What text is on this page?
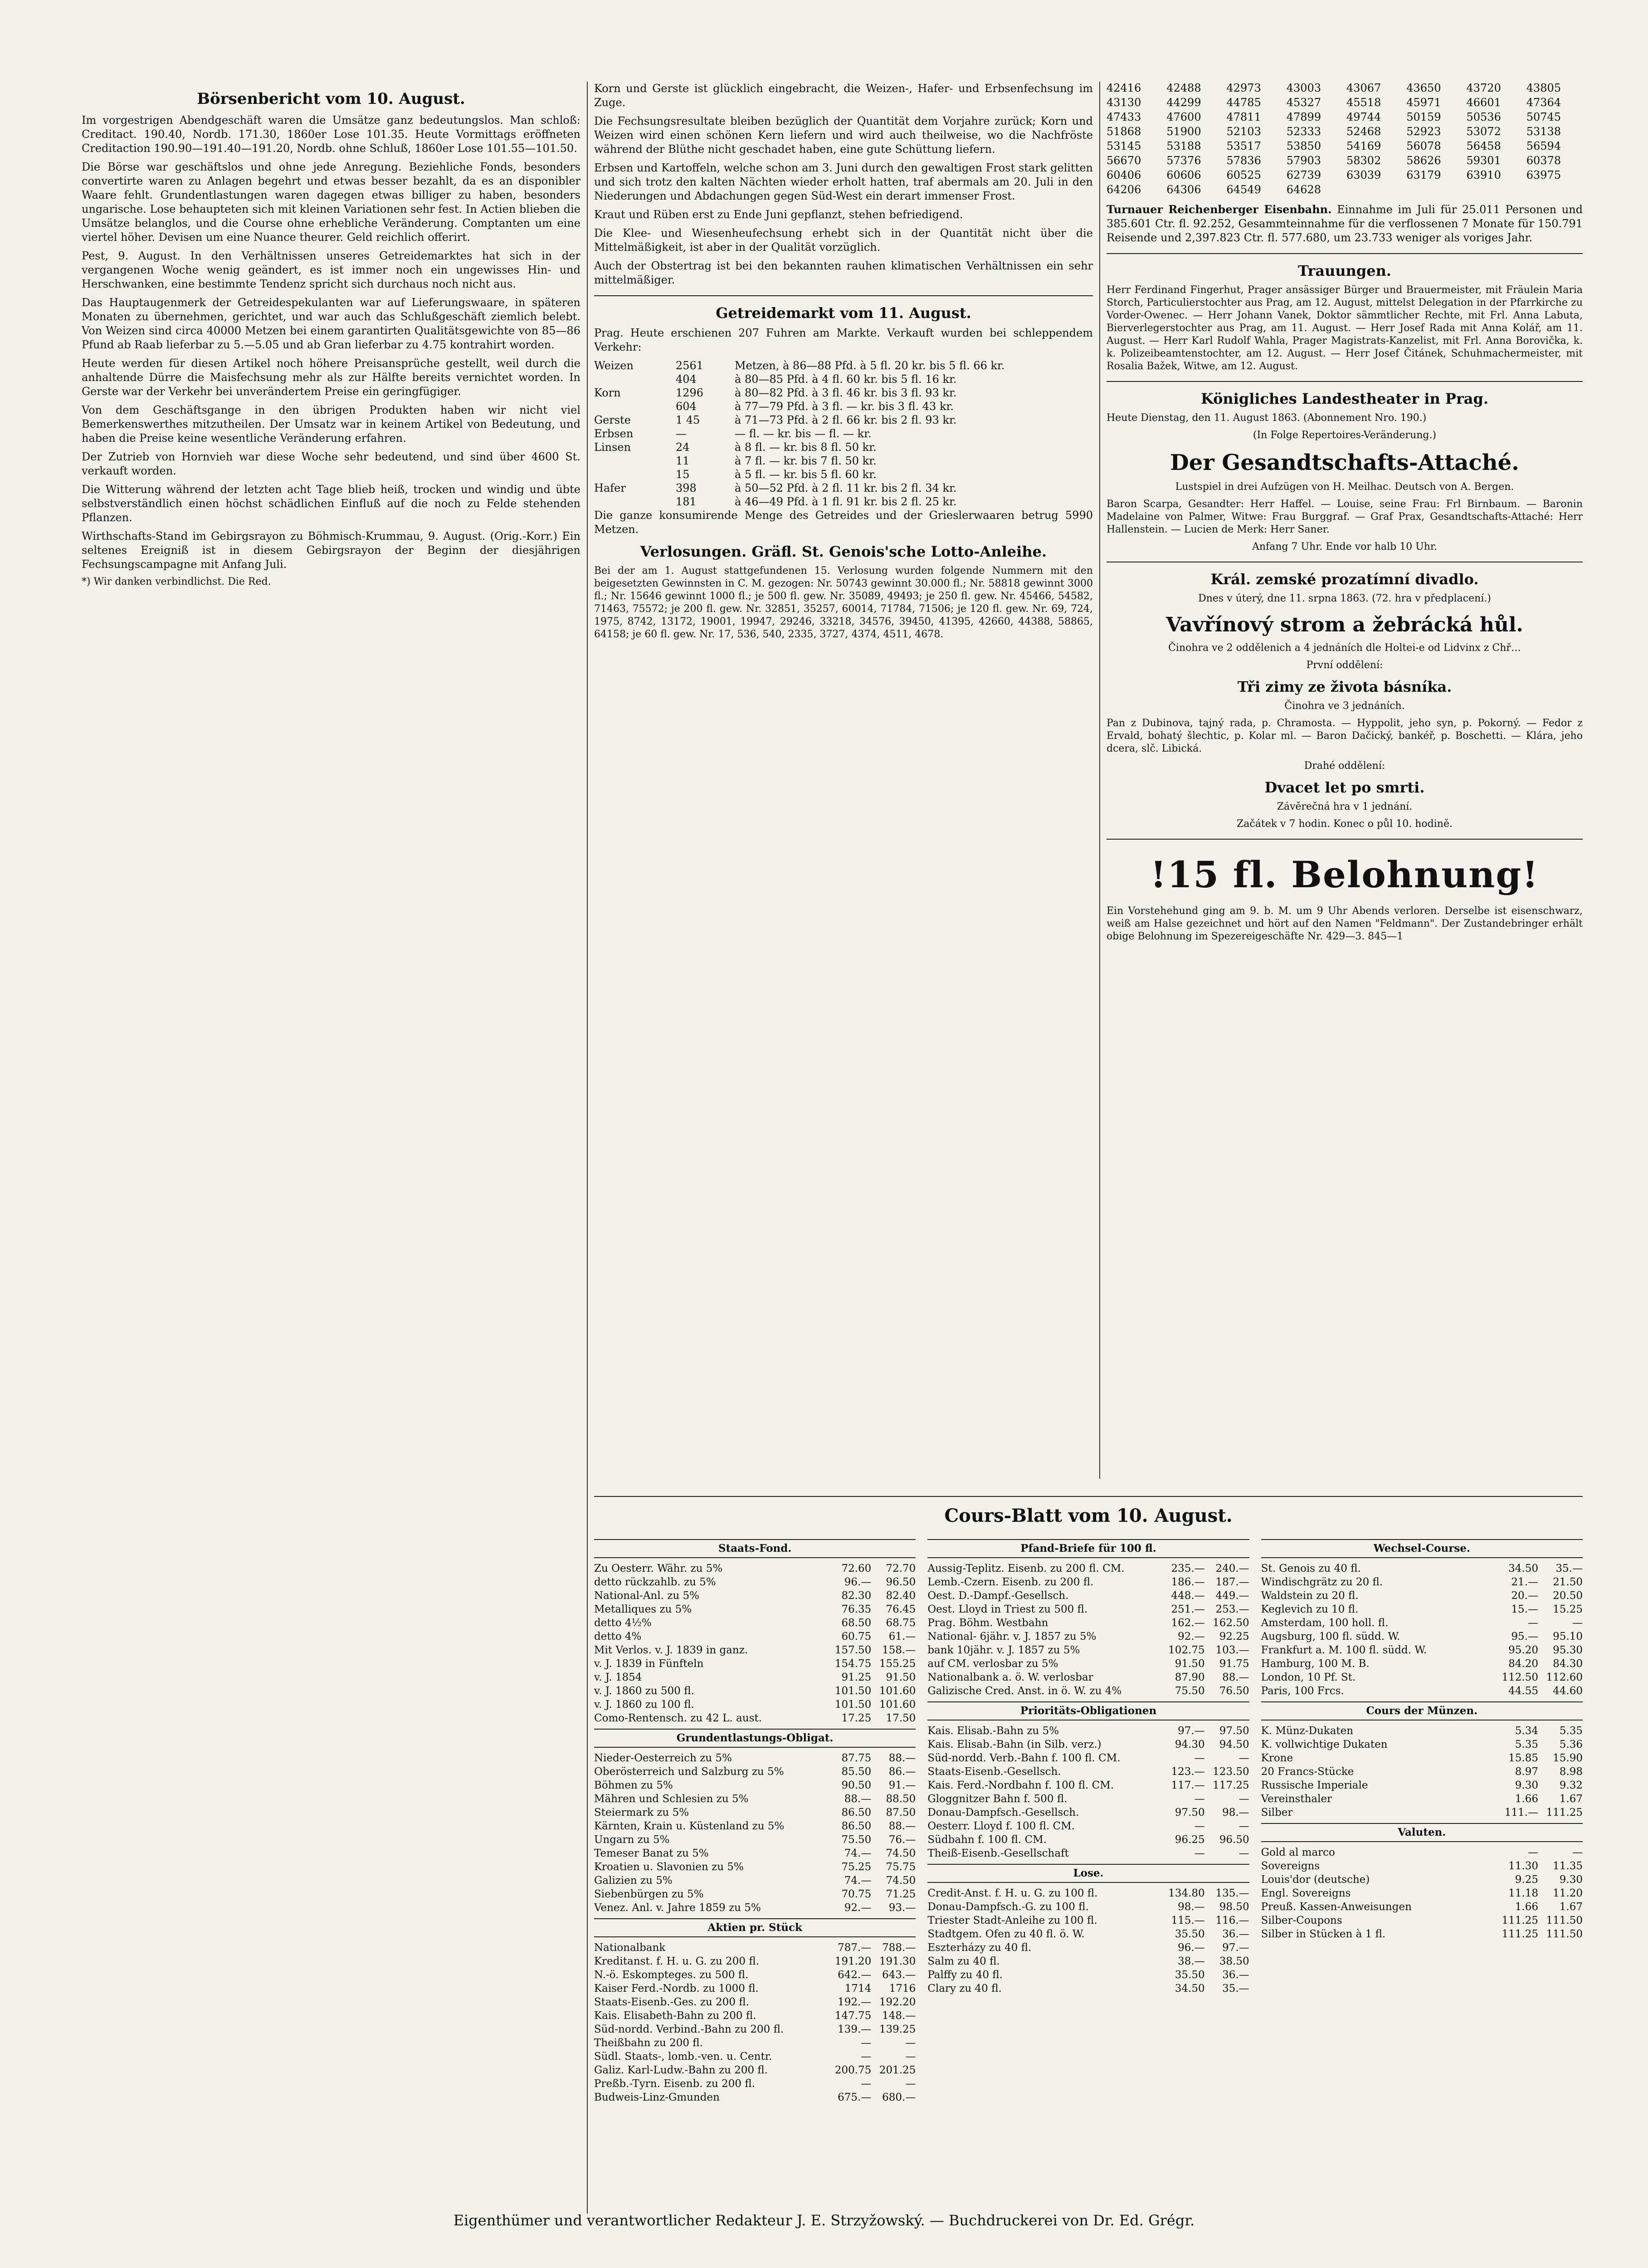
Börsenbericht vom 10. August.

Im vorgestrigen Abendgeschäft waren die Umsätze ganz bedeutungslos. Man schloß: Creditact. 190.40, Nordb. 171.30, 1860er Lose 101.35. Heute Vormittags eröffneten Creditaction 190.90—191.40—191.20, Nordb. ohne Schluß, 1860er Lose 101.55—101.50.

Die Börse war geschäftslos und ohne jede Anregung. Beziehliche Fonds, besonders convertirte waren zu Anlagen begehrt und etwas besser bezahlt, da es an disponibler Waare fehlt. Grundentlastungen waren dagegen etwas billiger zu haben, besonders ungarische. Lose behaupteten sich mit kleinen Variationen sehr fest. In Actien blieben die Umsätze belanglos, und die Course ohne erhebliche Veränderung. Comptanten um eine viertel höher. Devisen um eine Nuance theurer. Geld reichlich offerirt.

Pest, 9. August. In den Verhältnissen unseres Getreidemarktes hat sich in der vergangenen Woche wenig geändert, es ist immer noch ein ungewisses Hin- und Herschwanken, eine bestimmte Tendenz spricht sich durchaus noch nicht aus.

Das Hauptaugenmerk der Getreidespekulanten war auf Lieferungswaare, in späteren Monaten zu übernehmen, gerichtet, und war auch das Schlußgeschäft ziemlich belebt. Von Weizen sind circa 40000 Metzen bei einem garantirten Qualitätsgewichte von 85—86 Pfund ab Raab lieferbar zu 5.—5.05 und ab Gran lieferbar zu 4.75 kontrahirt worden.

Heute werden für diesen Artikel noch höhere Preisansprüche gestellt, weil durch die anhaltende Dürre die Maisfechsung mehr als zur Hälfte bereits vernichtet worden. In Gerste war der Verkehr bei unverändertem Preise ein geringfügiger.

Von dem Geschäftsgange in den übrigen Produkten haben wir nicht viel Bemerkenswerthes mitzutheilen. Der Umsatz war in keinem Artikel von Bedeutung, und haben die Preise keine wesentliche Veränderung erfahren.

Der Zutrieb von Hornvieh war diese Woche sehr bedeutend, und sind über 4600 St. verkauft worden.

Die Witterung während der letzten acht Tage blieb heiß, trocken und windig und übte selbstverständlich einen höchst schädlichen Einfluß auf die noch zu Felde stehenden Pflanzen.

Wirthschafts-Stand im Gebirgsrayon zu Böhmisch-Krummau, 9. August. (Orig.-Korr.) Ein seltenes Ereigniß ist in diesem Gebirgsrayon der Beginn der diesjährigen Fechsungscampagne mit Anfang Juli.

*) Wir danken verbindlichst. Die Red.

Korn und Gerste ist glücklich eingebracht, die Weizen-, Hafer- und Erbsenfechsung im Zuge.

Die Fechsungsresultate bleiben bezüglich der Quantität dem Vorjahre zurück; Korn und Weizen wird einen schönen Kern liefern und wird auch theilweise, wo die Nachfröste während der Blüthe nicht geschadet haben, eine gute Schüttung liefern.

Erbsen und Kartoffeln, welche schon am 3. Juni durch den gewaltigen Frost stark gelitten und sich trotz den kalten Nächten wieder erholt hatten, traf abermals am 20. Juli in den Niederungen und Abdachungen gegen Süd-West ein derart immenser Frost.

Kraut und Rüben erst zu Ende Juni gepflanzt, stehen befriedigend.

Die Klee- und Wiesenheufechsung erhebt sich in der Quantität nicht über die Mittelmäßigkeit, ist aber in der Qualität vorzüglich.

Auch der Obstertrag ist bei den bekannten rauhen klimatischen Verhältnissen ein sehr mittelmäßiger.

Getreidemarkt vom 11. August.

Prag. Heute erschienen 207 Fuhren am Markte. Verkauft wurden bei schleppendem Verkehr:

Weizen	2561	Metzen, à 86—88 Pfd. à 5 fl. 20 kr. bis 5 fl. 66 kr.
404	à 80—85 Pfd. à 4 fl. 60 kr. bis 5 fl. 16 kr.
Korn	1296	à 80—82 Pfd. à 3 fl. 46 kr. bis 3 fl. 93 kr.
604	à 77—79 Pfd. à 3 fl. — kr. bis 3 fl. 43 kr.
Gerste	1 45	à 71—73 Pfd. à 2 fl. 66 kr. bis 2 fl. 93 kr.
Erbsen	—	— fl. — kr. bis — fl. — kr.
Linsen	24	à 8 fl. — kr. bis 8 fl. 50 kr.
11	à 7 fl. — kr. bis 7 fl. 50 kr.
15	à 5 fl. — kr. bis 5 fl. 60 kr.
Hafer	398	à 50—52 Pfd. à 2 fl. 11 kr. bis 2 fl. 34 kr.
181	à 46—49 Pfd. à 1 fl. 91 kr. bis 2 fl. 25 kr.

Die ganze konsumirende Menge des Getreides und der Grieslerwaaren betrug 5990 Metzen.

Verlosungen. Gräfl. St. Genois'sche Lotto-Anleihe.

Bei der am 1. August stattgefundenen 15. Verlosung wurden folgende Nummern mit den beigesetzten Gewinnsten in C. M. gezogen: Nr. 50743 gewinnt 30.000 fl.; Nr. 58818 gewinnt 3000 fl.; Nr. 15646 gewinnt 1000 fl.; je 500 fl. gew. Nr. 35089, 49493; je 250 fl. gew. Nr. 45466, 54582, 71463, 75572; je 200 fl. gew. Nr. 32851, 35257, 60014, 71784, 71506; je 120 fl. gew. Nr. 69, 724, 1975, 8742, 13172, 19001, 19947, 29246, 33218, 34576, 39450, 41395, 42660, 44388, 58865, 64158; je 60 fl. gew. Nr. 17, 536, 540, 2335, 3727, 4374, 4511, 4678.

42416	42488	42973	43003	43067	43650	43720	43805
43130	44299	44785	45327	45518	45971	46601	47364
47433	47600	47811	47899	49744	50159	50536	50745
51868	51900	52103	52333	52468	52923	53072	53138
53145	53188	53517	53850	54169	56078	56458	56594
56670	57376	57836	57903	58302	58626	59301	60378
60406	60606	60525	62739	63039	63179	63910	63975
64206	64306	64549	64628

Turnauer Reichenberger Eisenbahn. Einnahme im Juli für 25.011 Personen und 385.601 Ctr. fl. 92.252, Gesammteinnahme für die verflossenen 7 Monate für 150.791 Reisende und 2,397.823 Ctr. fl. 577.680, um 23.733 weniger als voriges Jahr.

Trauungen.

Herr Ferdinand Fingerhut, Prager ansässiger Bürger und Brauermeister, mit Fräulein Maria Storch, Particulierstochter aus Prag, am 12. August, mittelst Delegation in der Pfarrkirche zu Vorder-Owenec. — Herr Johann Vanek, Doktor sämmtlicher Rechte, mit Frl. Anna Labuta, Bierverlegerstochter aus Prag, am 11. August. — Herr Josef Rada mit Anna Kolář, am 11. August. — Herr Karl Rudolf Wahla, Prager Magistrats-Kanzelist, mit Frl. Anna Borovička, k. k. Polizeibeamtenstochter, am 12. August. — Herr Josef Čitánek, Schuhmachermeister, mit Rosalia Bažek, Witwe, am 12. August.

Königliches Landestheater in Prag.

Heute Dienstag, den 11. August 1863. (Abonnement Nro. 190.)

(In Folge Repertoires-Veränderung.)

Der Gesandtschafts-Attaché.

Lustspiel in drei Aufzügen von H. Meilhac. Deutsch von A. Bergen.

Baron Scarpa, Gesandter: Herr Haffel. — Louise, seine Frau: Frl Birnbaum. — Baronin Madelaine von Palmer, Witwe: Frau Burggraf. — Graf Prax, Gesandtschafts-Attaché: Herr Hallenstein. — Lucien de Merk: Herr Saner.

Anfang 7 Uhr. Ende vor halb 10 Uhr.

Král. zemské prozatímní divadlo.

Dnes v úterý, dne 11. srpna 1863. (72. hra v předplacení.)

Vavřínový strom a žebrácká hůl.

Činohra ve 2 oddělenich a 4 jednáních dle Holtei-e od Lidvinx z Chř…

První oddělení:

Tři zimy ze života básníka.

Činohra ve 3 jednáních.

Pan z Dubinova, tajný rada, p. Chramosta. — Hyppolit, jeho syn, p. Pokorný. — Fedor z Ervald, bohatý šlechtic, p. Kolar ml. — Baron Dačický, bankéř, p. Boschetti. — Klára, jeho dcera, slč. Libická.

Drahé oddělení:

Dvacet let po smrti.

Závěrečná hra v 1 jednání.

Začátek v 7 hodin. Konec o půl 10. hodině.

!15 fl. Belohnung!

Ein Vorstehehund ging am 9. b. M. um 9 Uhr Abends verloren. Derselbe ist eisenschwarz, weiß am Halse gezeichnet und hört auf den Namen "Feldmann". Der Zustandebringer erhält obige Belohnung im Spezereigeschäfte Nr. 429—3. 845—1

Cours-Blatt vom 10. August.
Staats-Fond.
Zu Oesterr. Währ. zu 5%	72.60	72.70
detto rückzahlb. zu 5%	96.—	96.50
National-Anl. zu 5%	82.30	82.40
Metalliques zu 5%	76.35	76.45
detto 4½%	68.50	68.75
detto 4%	60.75	61.—
Mit Verlos. v. J. 1839 in ganz.	157.50	158.—
v. J. 1839 in Fünfteln	154.75 155.25
v. J. 1854	91.25	91.50
v. J. 1860 zu 500 fl.	101.50 101.60
v. J. 1860 zu 100 fl.	101.50 101.60
Como-Rentensch. zu 42 L. aust.	17.25	17.50
Grundentlastungs-Obligat.
Nieder-Oesterreich zu 5%	87.75	88.—
Oberösterreich und Salzburg zu 5%	85.50	86.—
Böhmen zu 5%	90.50	91.—
Mähren und Schlesien zu 5%	88.—	88.50
Steiermark zu 5%	86.50	87.50
Kärnten, Krain u. Küstenland zu 5%	86.50	88.—
Ungarn zu 5%	75.50	76.—
Temeser Banat zu 5%	74.—	74.50
Kroatien u. Slavonien zu 5%	75.25	75.75
Galizien zu 5%	74.—	74.50
Siebenbürgen zu 5%	70.75	71.25
Venez. Anl. v. Jahre 1859 zu 5%	92.—	93.—
Aktien pr. Stück
Nationalbank	787.—	788.—
Kreditanst. f. H. u. G. zu 200 fl.	191.20 191.30
N.-ö. Eskompteges. zu 500 fl.	642.—	643.—
Kaiser Ferd.-Nordb. zu 1000 fl.	1714	1716
Staats-Eisenb.-Ges. zu 200 fl.	192.— 192.20
Kais. Elisabeth-Bahn zu 200 fl.	147.75	148.—
Süd-nordd. Verbind.-Bahn zu 200 fl.	139.— 139.25
Theißbahn zu 200 fl.	—	—
Südl. Staats-, lomb.-ven. u. Centr.	—	—
Galiz. Karl-Ludw.-Bahn zu 200 fl.	200.75 201.25
Preßb.-Tyrn. Eisenb. zu 200 fl.	—	—
Budweis-Linz-Gmunden	675.—	680.—
Pfand-Briefe für 100 fl.
Aussig-Teplitz. Eisenb. zu 200 fl. CM.	235.—	240.—
Lemb.-Czern. Eisenb. zu 200 fl.	186.—	187.—
Oest. D.-Dampf.-Gesellsch.	448.—	449.—
Oest. Lloyd in Triest zu 500 fl.	251.—	253.—
Prag. Böhm. Westbahn	162.— 162.50
National- 6jähr. v. J. 1857 zu 5%	92.—	92.25
bank 10jähr. v. J. 1857 zu 5%	102.75	103.—
auf CM. verlosbar zu 5%	91.50	91.75
Nationalbank a. ö. W. verlosbar	87.90	88.—
Galizische Cred. Anst. in ö. W. zu 4%	75.50	76.50
Prioritäts-Obligationen
Kais. Elisab.-Bahn zu 5%	97.—	97.50
Kais. Elisab.-Bahn (in Silb. verz.)	94.30	94.50
Süd-nordd. Verb.-Bahn f. 100 fl. CM.	—	—
Staats-Eisenb.-Gesellsch.	123.— 123.50
Kais. Ferd.-Nordbahn f. 100 fl. CM.	117.— 117.25
Gloggnitzer Bahn f. 500 fl.	—	—
Donau-Dampfsch.-Gesellsch.	97.50	98.—
Oesterr. Lloyd f. 100 fl. CM.	—	—
Südbahn f. 100 fl. CM.	96.25	96.50
Theiß-Eisenb.-Gesellschaft	—	—
Lose.
Credit-Anst. f. H. u. G. zu 100 fl.	134.80	135.—
Donau-Dampfsch.-G. zu 100 fl.	98.—	98.50
Triester Stadt-Anleihe zu 100 fl.	115.—	116.—
Stadtgem. Ofen zu 40 fl. ö. W.	35.50	36.—
Eszterházy zu 40 fl.	96.—	97.—
Salm zu 40 fl.	38.—	38.50
Palffy zu 40 fl.	35.50	36.—
Clary zu 40 fl.	34.50	35.—
Wechsel-Course.
St. Genois zu 40 fl.	34.50	35.—
Windischgrätz zu 20 fl.	21.—	21.50
Waldstein zu 20 fl.	20.—	20.50
Keglevich zu 10 fl.	15.—	15.25
Amsterdam, 100 holl. fl.	—	—
Augsburg, 100 fl. südd. W.	95.—	95.10
Frankfurt a. M. 100 fl. südd. W.	95.20	95.30
Hamburg, 100 M. B.	84.20	84.30
London, 10 Pf. St.	112.50 112.60
Paris, 100 Frcs.	44.55	44.60
Cours der Münzen.
K. Münz-Dukaten	5.34	5.35
K. vollwichtige Dukaten	5.35	5.36
Krone	15.85	15.90
20 Francs-Stücke	8.97	8.98
Russische Imperiale	9.30	9.32
Vereinsthaler	1.66	1.67
Silber	111.— 111.25
Valuten.
Gold al marco	—	—
Sovereigns	11.30	11.35
Louis'dor (deutsche)	9.25	9.30
Engl. Sovereigns	11.18	11.20
Preuß. Kassen-Anweisungen	1.66	1.67
Silber-Coupons	111.25 111.50
Silber in Stücken à 1 fl.	111.25 111.50
Eigenthümer und verantwortlicher Redakteur J. E. Strzyžowský. — Buchdruckerei von Dr. Ed. Grégr.
